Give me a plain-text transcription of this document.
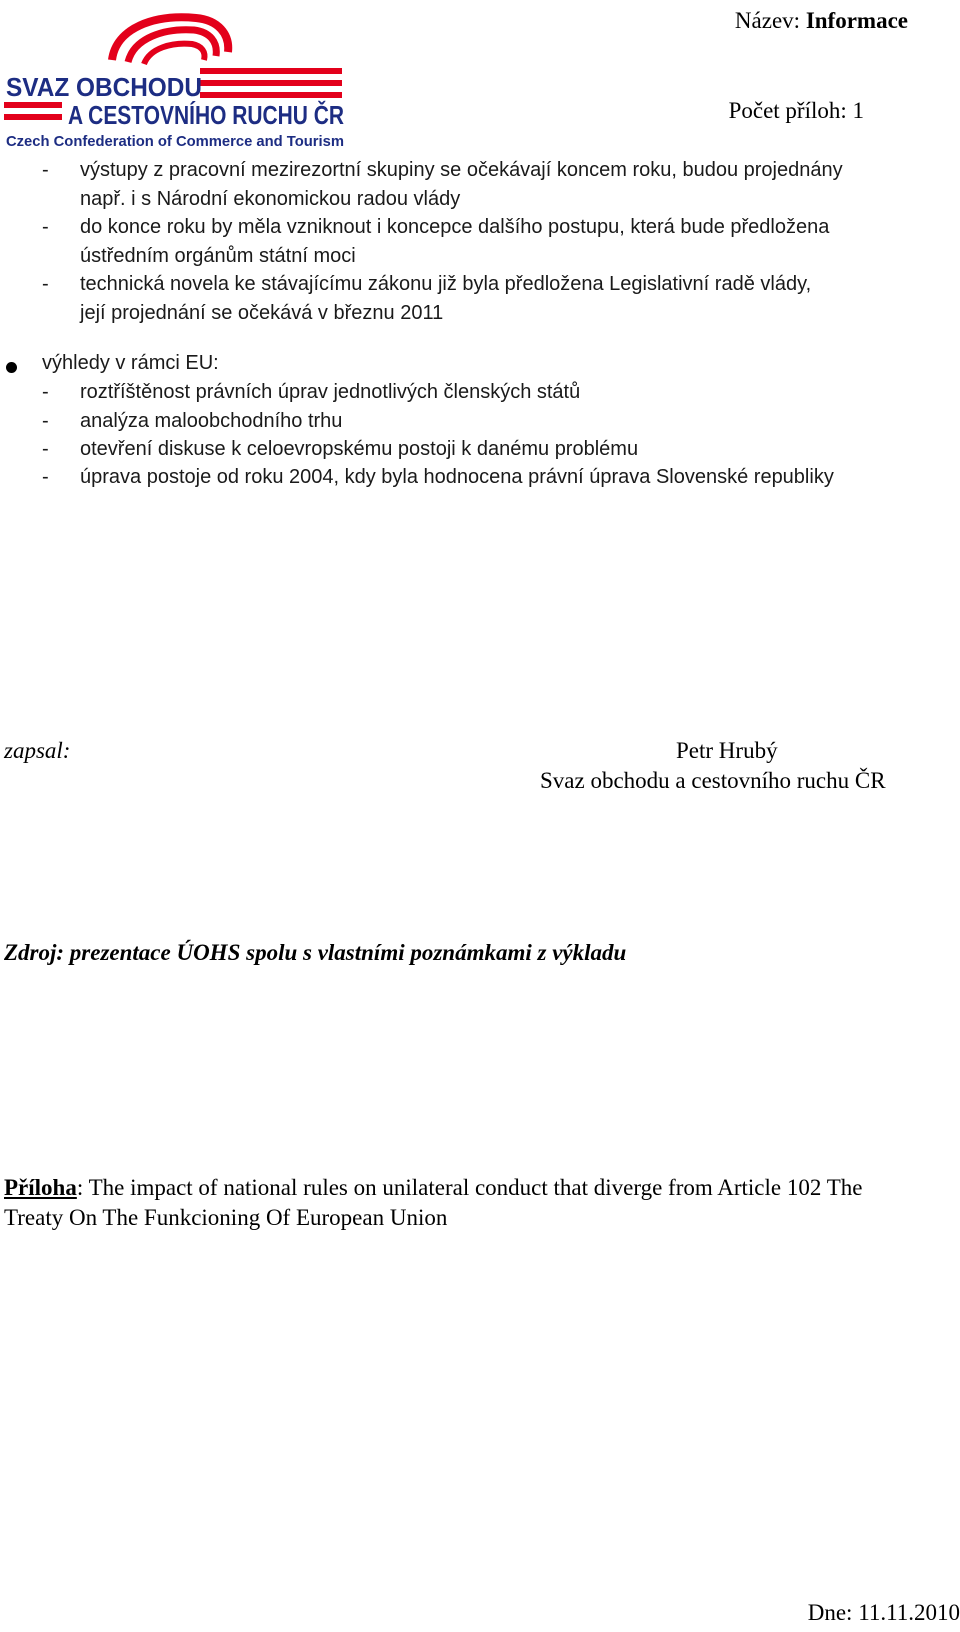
SVAZ OBCHODU
A CESTOVNÍHO RUCHU ČR
Czech Confederation of Commerce and Tourism
Název: Informace
Počet příloh: 1
- výstupy z pracovní mezirezortní skupiny se očekávají koncem roku, budou projednány
např. i s Národní ekonomickou radou vlády
- do konce roku by měla vzniknout i koncepce dalšího postupu, která bude předložena
ústředním orgánům státní moci
- technická novela ke stávajícímu zákonu již byla předložena Legislativní radě vlády,
její projednání se očekává v březnu 2011
výhledy v rámci EU:
- roztříštěnost právních úprav jednotlivých členských států
- analýza maloobchodního trhu
- otevření diskuse k celoevropskému postoji k danému problému
- úprava postoje od roku 2004, kdy byla hodnocena právní úprava Slovenské republiky
zapsal:	Petr Hrubý
Svaz obchodu a cestovního ruchu ČR
Zdroj: prezentace ÚOHS spolu s vlastními poznámkami z výkladu
Příloha: The impact of national rules on unilateral conduct that diverge from Article 102 The
Treaty On The Funkcioning Of European Union
Dne: 11.11.2010
